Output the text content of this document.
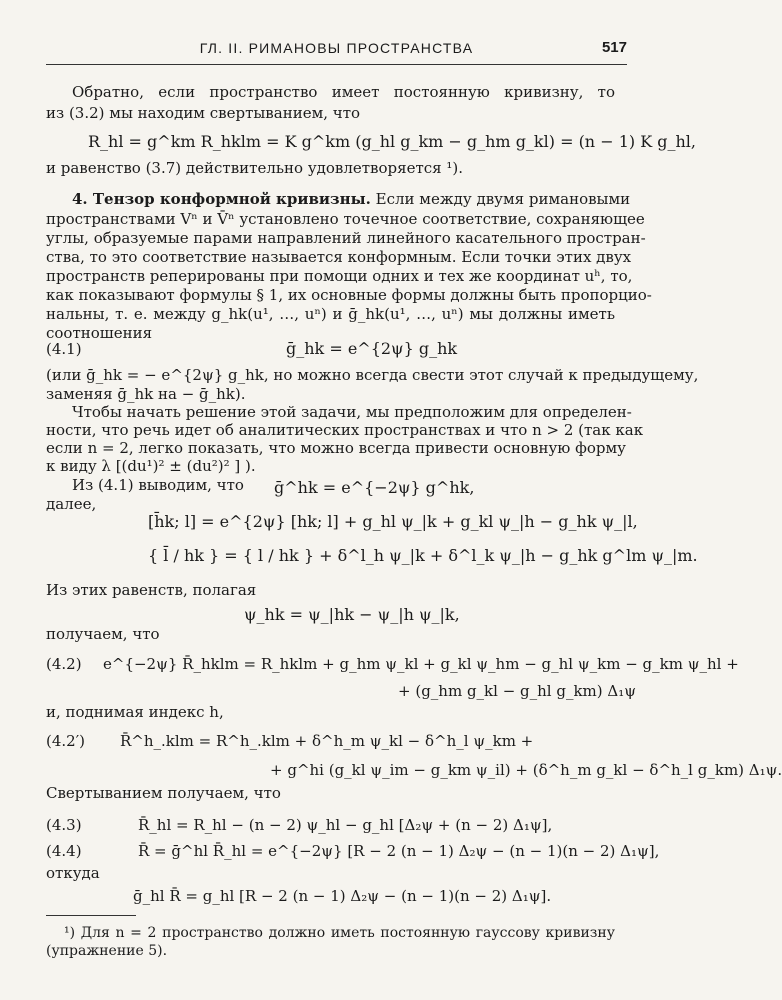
ГЛ. II. РИМАНОВЫ ПРОСТРАНСТВА	517
Обратно, если пространство имеет постоянную кривизну, то
из (3.2) мы находим свертыванием, что
R_hl = g^km R_hklm = K g^km (g_hl g_km − g_hm g_kl) = (n − 1) K g_hl,
и равенство (3.7) действительно удовлетворяется ¹).
4. Тензор конформной кривизны. Если между двумя римановыми
пространствами Vⁿ и V̄ⁿ установлено точечное соответствие, сохраняющее
углы, образуемые парами направлений линейного касательного простран-
ства, то это соответствие называется конформным. Если точки этих двух
пространств реперированы при помощи одних и тех же координат uʰ, то,
как показывают формулы § 1, их основные формы должны быть пропорцио-
нальны, т. е. между g_hk(u¹, …, uⁿ) и ḡ_hk(u¹, …, uⁿ) мы должны иметь
соотношения
(4.1)	ḡ_hk = e^{2ψ} g_hk
(или ḡ_hk = − e^{2ψ} g_hk, но можно всегда свести этот случай к предыдущему,
заменяя ḡ_hk на − ḡ_hk).
Чтобы начать решение этой задачи, мы предположим для определен-
ности, что речь идет об аналитических пространствах и что n > 2 (так как
если n = 2, легко показать, что можно всегда привести основную форму
к виду λ [(du¹)² ± (du²)² ] ).
Из (4.1) выводим, что ḡ^hk = e^{−2ψ} g^hk,
далее,
[h̄k; l] = e^{2ψ} [hk; l] + g_hl ψ_|k + g_kl ψ_|h − g_hk ψ_|l,
{ l̄ / hk } = { l / hk } + δ^l_h ψ_|k + δ^l_k ψ_|h − g_hk g^lm ψ_|m.
Из этих равенств, полагая
ψ_hk = ψ_|hk − ψ_|h ψ_|k,
получаем, что
(4.2) e^{−2ψ} R̄_hklm = R_hklm + g_hm ψ_kl + g_kl ψ_hm − g_hl ψ_km − g_km ψ_hl +
+ (g_hm g_kl − g_hl g_km) Δ₁ψ
и, поднимая индекс h,
(4.2′) R̄^h_.klm = R^h_.klm + δ^h_m ψ_kl − δ^h_l ψ_km +
+ g^hi (g_kl ψ_im − g_km ψ_il) + (δ^h_m g_kl − δ^h_l g_km) Δ₁ψ.
Свертыванием получаем, что
(4.3)	R̄_hl = R_hl − (n − 2) ψ_hl − g_hl [Δ₂ψ + (n − 2) Δ₁ψ],
(4.4)	R̄ = ḡ^hl R̄_hl = e^{−2ψ} [R − 2 (n − 1) Δ₂ψ − (n − 1)(n − 2) Δ₁ψ],
откуда
ḡ_hl R̄ = g_hl [R − 2 (n − 1) Δ₂ψ − (n − 1)(n − 2) Δ₁ψ].
¹) Для n = 2 пространство должно иметь постоянную гауссову кривизну
(упражнение 5).
